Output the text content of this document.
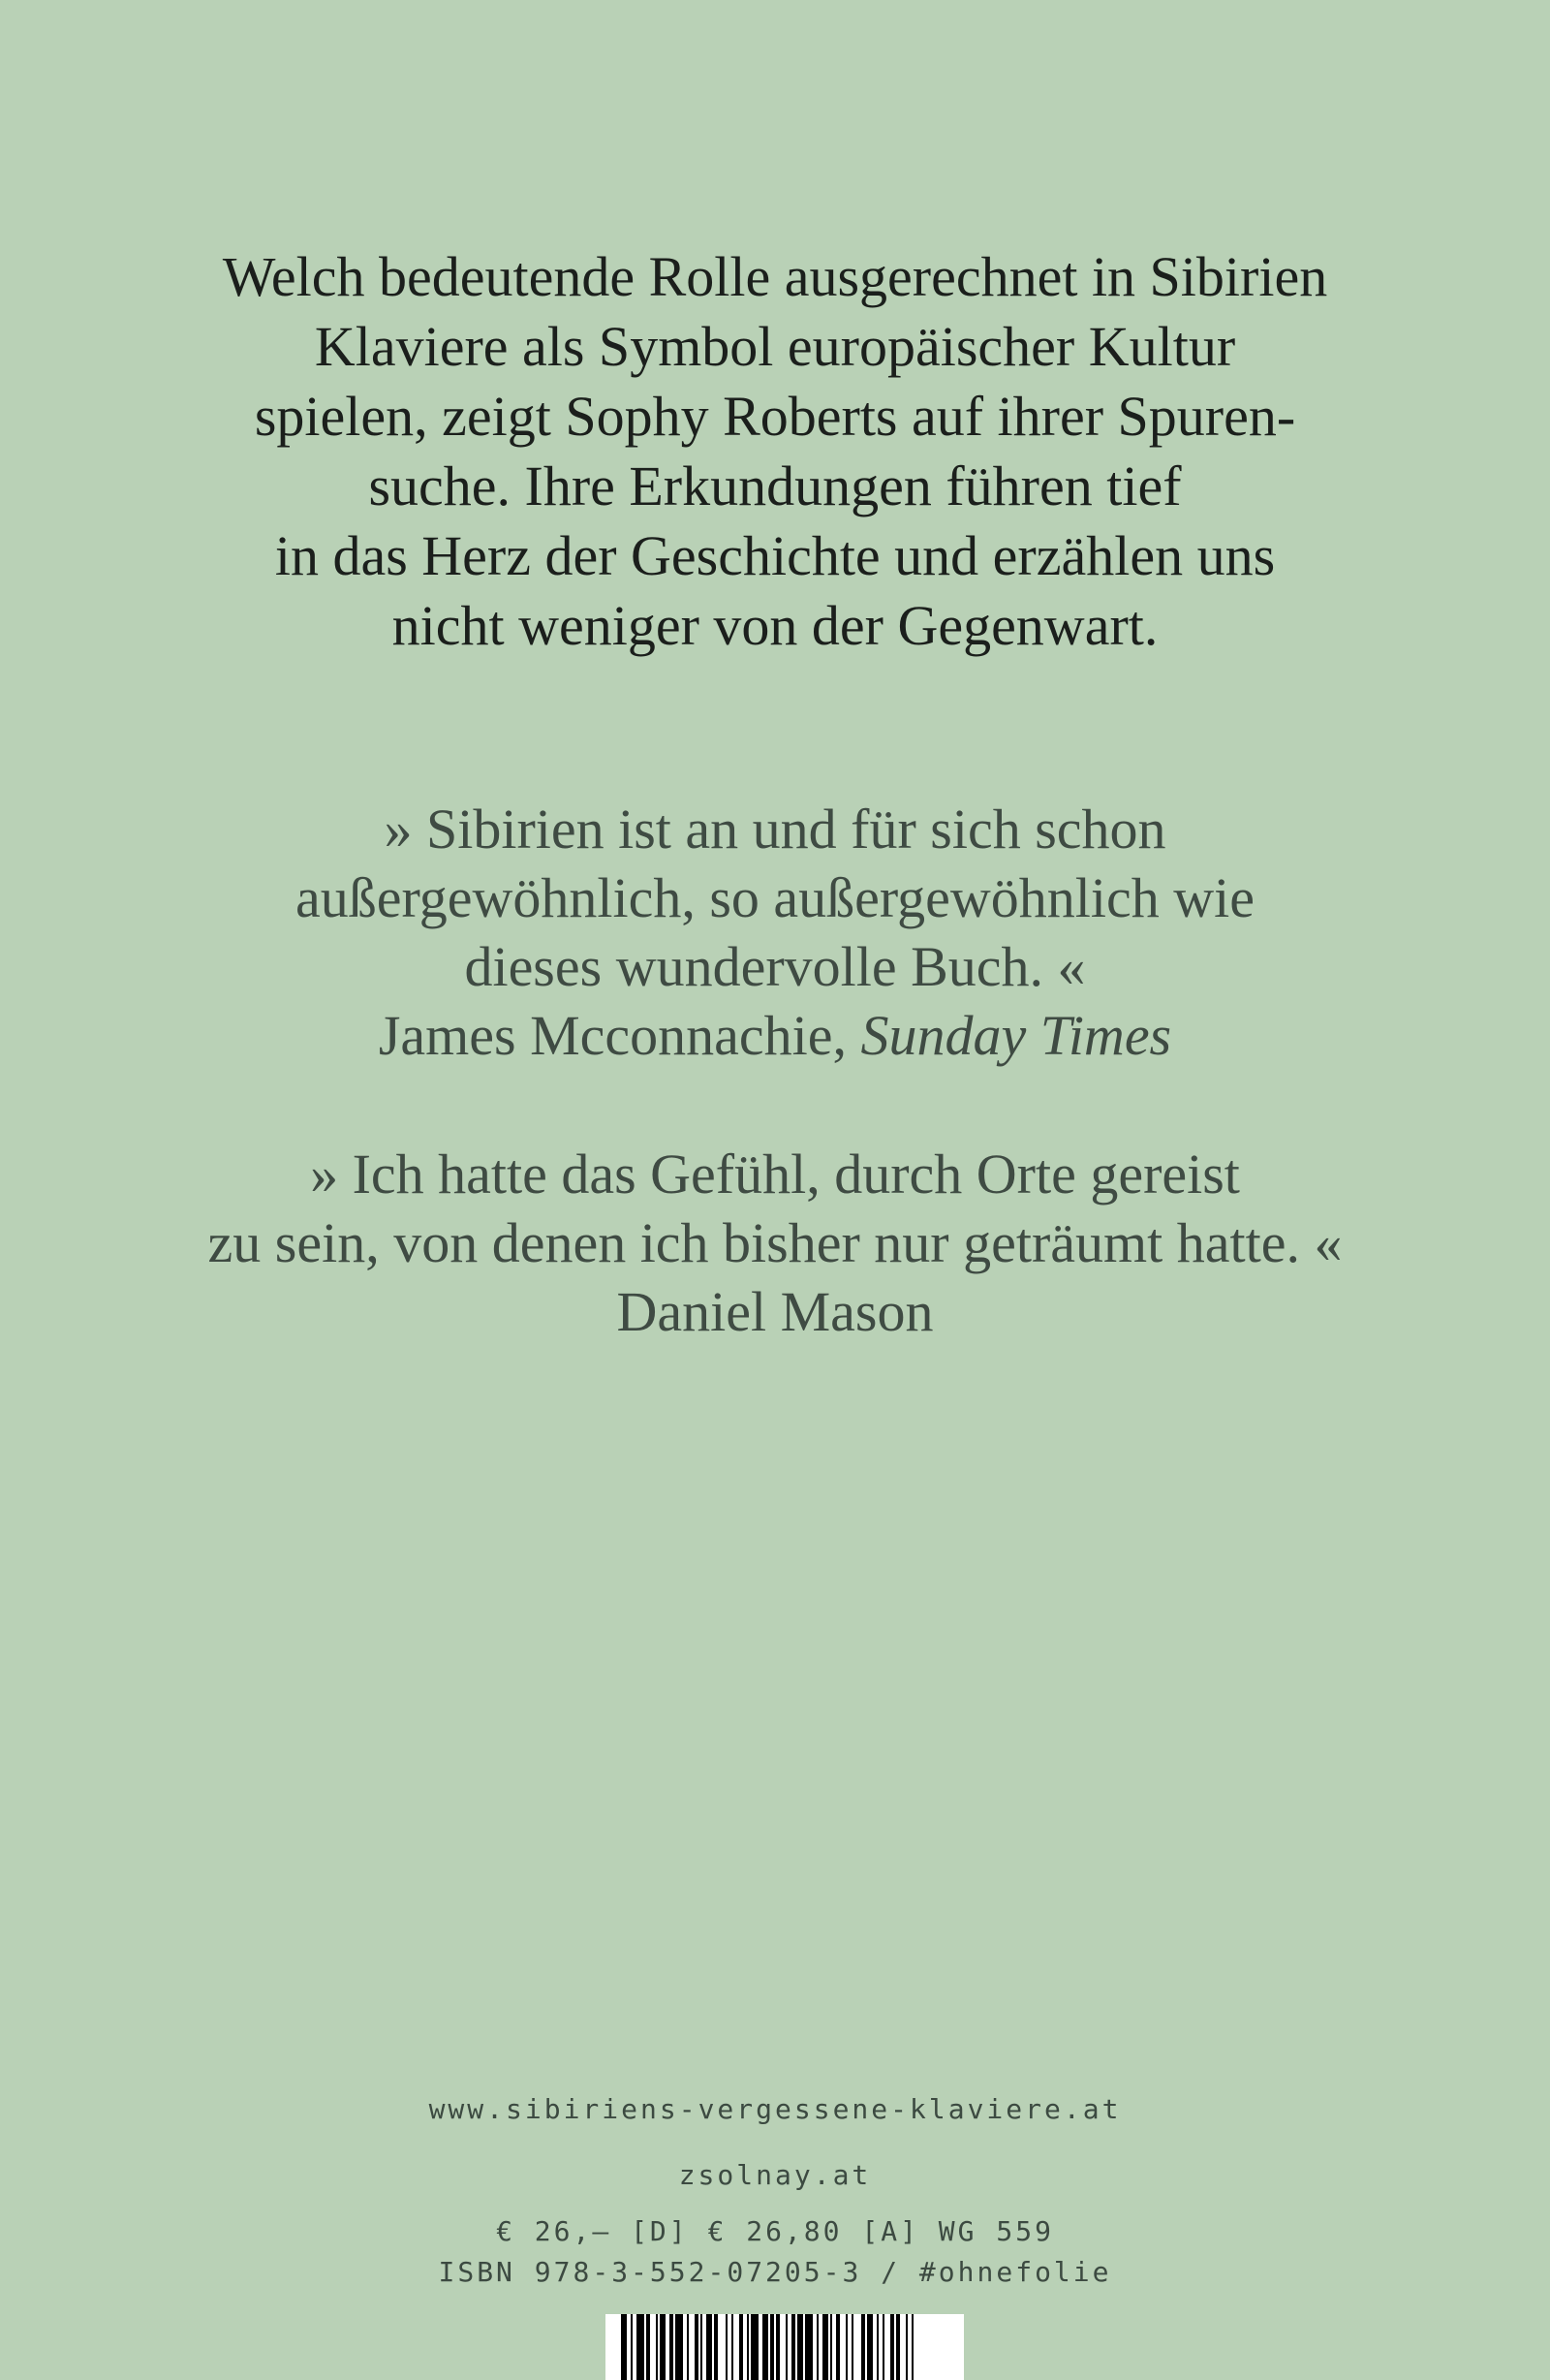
Welch bedeutende Rolle ausgerechnet in Sibirien
Klaviere als Symbol europäischer Kultur
spielen, zeigt Sophy Roberts auf ihrer Spuren-
suche. Ihre Erkundungen führen tief
in das Herz der Geschichte und erzählen uns
nicht weniger von der Gegenwart.
» Sibirien ist an und für sich schon
außergewöhnlich, so außergewöhnlich wie
dieses wundervolle Buch. «
James Mcconnachie, Sunday Times
» Ich hatte das Gefühl, durch Orte gereist
zu sein, von denen ich bisher nur geträumt hatte. «
Daniel Mason
www.sibiriens-vergessene-klaviere.at
zsolnay.at
€ 26,– [D] € 26,80 [A] WG 559
ISBN 978-3-552-07205-3 / #ohnefolie
